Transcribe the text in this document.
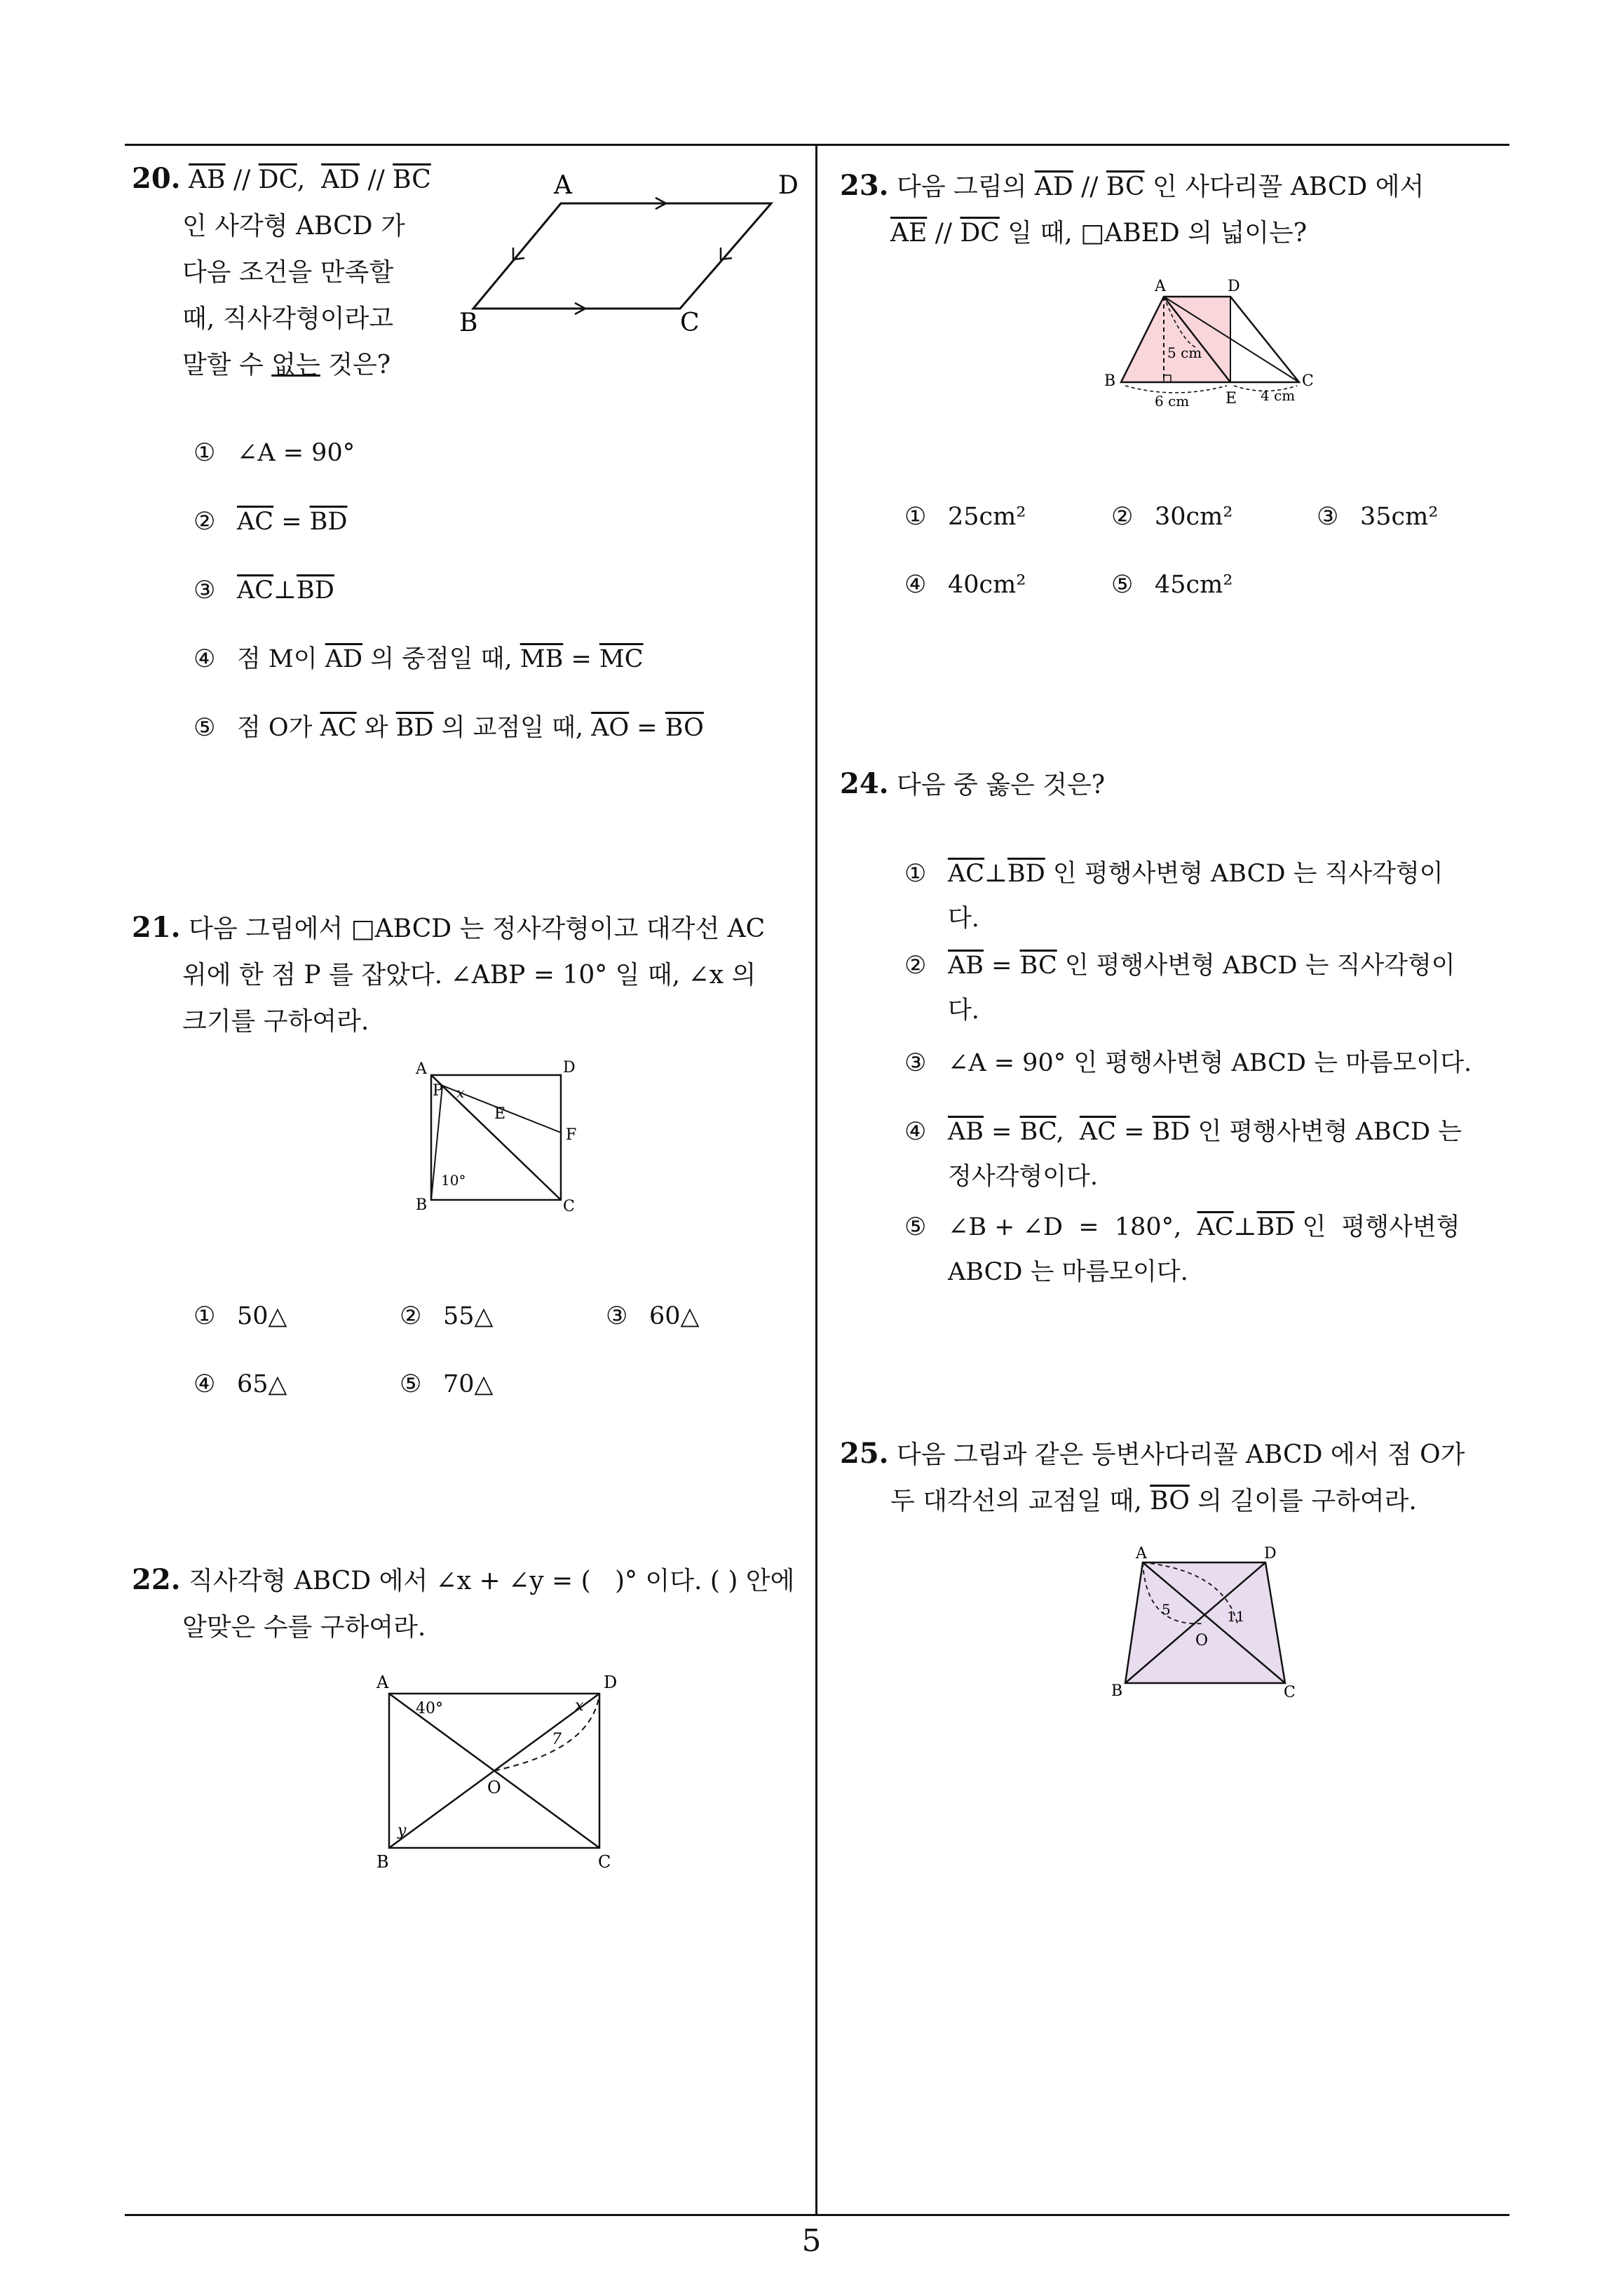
20. $\overline{AB} // \overline{DC}$,  $\overline{AD} // \overline{BC}$
인 사각형 ABCD 가
다음 조건을 만족할
때, 직사각형이라고
말할 수 없는 것은?
A	D
B	C
① ∠A = 90°
② $\overline{AC} = \overline{BD}$
③ $\overline{AC}\perp\overline{BD}$
④ 점 M이 $\overline{AD}$ 의 중점일 때, $\overline{MB} = \overline{MC}$
⑤ 점 O가 $\overline{AC}$ 와 $\overline{BD}$ 의 교점일 때, $\overline{AO} = \overline{BO}$
21. 다음 그림에서 □ABCD 는 정사각형이고 대각선 AC
위에 한 점 P 를 잡았다. ∠ABP = 10° 일 때, ∠x 의
크기를 구하여라.
A	D
B	C
P
E
F
x
10°
① 50△	② 55△	③ 60△
④ 65△	⑤ 70△
22. 직사각형 ABCD 에서 ∠x + ∠y = (   )° 이다. ( ) 안에
알맞은 수를 구하여라.
A	D
B	C
O
40°	x
y
7
23. 다음 그림의 $\overline{AD} // \overline{BC}$ 인 사다리꼴 ABCD 에서
$\overline{AE} // \overline{DC}$ 일 때, □ABED 의 넓이는?
A	D
B	C
E
5 cm
6 cm	4 cm
① 25cm²	② 30cm²	③ 35cm²
④ 40cm²	⑤ 45cm²
24. 다음 중 옳은 것은?
① $\overline{AC}\perp\overline{BD}$ 인 평행사변형 ABCD 는 직사각형이
다.
② $\overline{AB} = \overline{BC}$ 인 평행사변형 ABCD 는 직사각형이
다.
③ ∠A = 90° 인 평행사변형 ABCD 는 마름모이다.
④ $\overline{AB} = \overline{BC}$,  $\overline{AC} = \overline{BD}$ 인 평행사변형 ABCD 는
정사각형이다.
⑤ ∠B + ∠D  =  180°,  $\overline{AC}\perp\overline{BD}$ 인  평행사변형
ABCD 는 마름모이다.
25. 다음 그림과 같은 등변사다리꼴 ABCD 에서 점 O가
두 대각선의 교점일 때, $\overline{BO}$ 의 길이를 구하여라.
A	D
B	C
O
5	11
5
